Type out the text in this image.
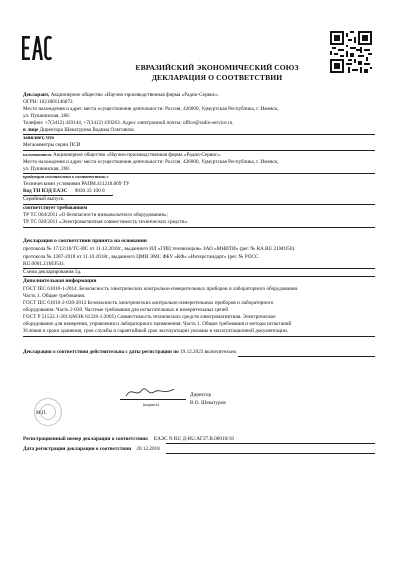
ЕВРАЗИЙСКИЙ ЭКОНОМИЧЕСКИЙ СОЮЗ
ДЕКЛАРАЦИЯ О СООТВЕТСТВИИ
Декларант, Акционерное общество «Научно-производственная фирма «Радио-Сервис».
ОГРН: 1021801146872.
Место нахождения и адрес места осуществления деятельности: Россия, 426000, Удмуртская Республика, г. Ижевск,
ул. Пушкинская, 268.
Телефон: +7(3412) 439144, +7(3412) 439263. Адрес электронной почты: office@radio-service.ru.
в лице Директора Шекатурова Вадима Олеговича
заявляет, что
Мегаомметры серии ПСИ
изготовитель Акционерное общество «Научно-производственная фирма «Радио-Сервис».
Место нахождения и адрес места осуществления деятельности: Россия, 426000, Удмуртская Республика, г. Ижевск,
ул. Пушкинская, 268.
продукция изготовлена в соответствии с
Техническими условиями РАПМ.411218.009 ТУ
Код ТН ВЭД ЕАЭС 9030 33 100 0
Серийный выпуск.
соответствует требованиям
ТР ТС 004/2011 «О безопасности низковольтного оборудования»;
ТР ТС 020/2011 «Электромагнитная совместимость технических средств».
Декларация о соответствии принята на основании
протокола № 17/12/18/ТС-ИС от 11.12.2018г., выданного ИЛ «ГИЦ телевизоров» ЗАО «МНИТИ» (рег. № RA.RU.21МО56).
протокола № 1387-2018 от 11.10.2018г., выданного ЦМИ ЭМС ФБУ «КФ» «Интерстандарт» (рег. № РОСС
RU.0001.21МЭ54).
Схема декларирования 3д.
Дополнительная информация
ГОСТ IEC 61010-1-2014. Безопасность электрических контрольно-измерительных приборов и лабораторного оборудования.
Часть 1. Общие требования.
ГОСТ IEC 61010-2-030-2013 Безопасность электрических контрольно-измерительных приборов и лабораторного
оборудования. Часть 2-030. Частные требования для испытательных и измерительных цепей
ГОСТ Р 51522.1-2011(МЭК 61326-1:2005) Совместимость технических средств электромагнитная. Электрическое
оборудование для измерения, управления и лабораторного применения. Часть 1. Общие требования и методы испытаний
Условия и сроки хранения, срок службы и гарантийный срок эксплуатации указаны в эксплуатационной документации.
Декларация о соответствии действительна с даты регистрации по 19.12.2023 включительно.
Директор
В.О. Шекатуров
М.П.
(подпись)
Регистрационный номер декларации о соответствии: ЕАЭС N RU Д-RU.АГ27.В.00010/18
Дата регистрации декларации о соответствии 20.12.2018
